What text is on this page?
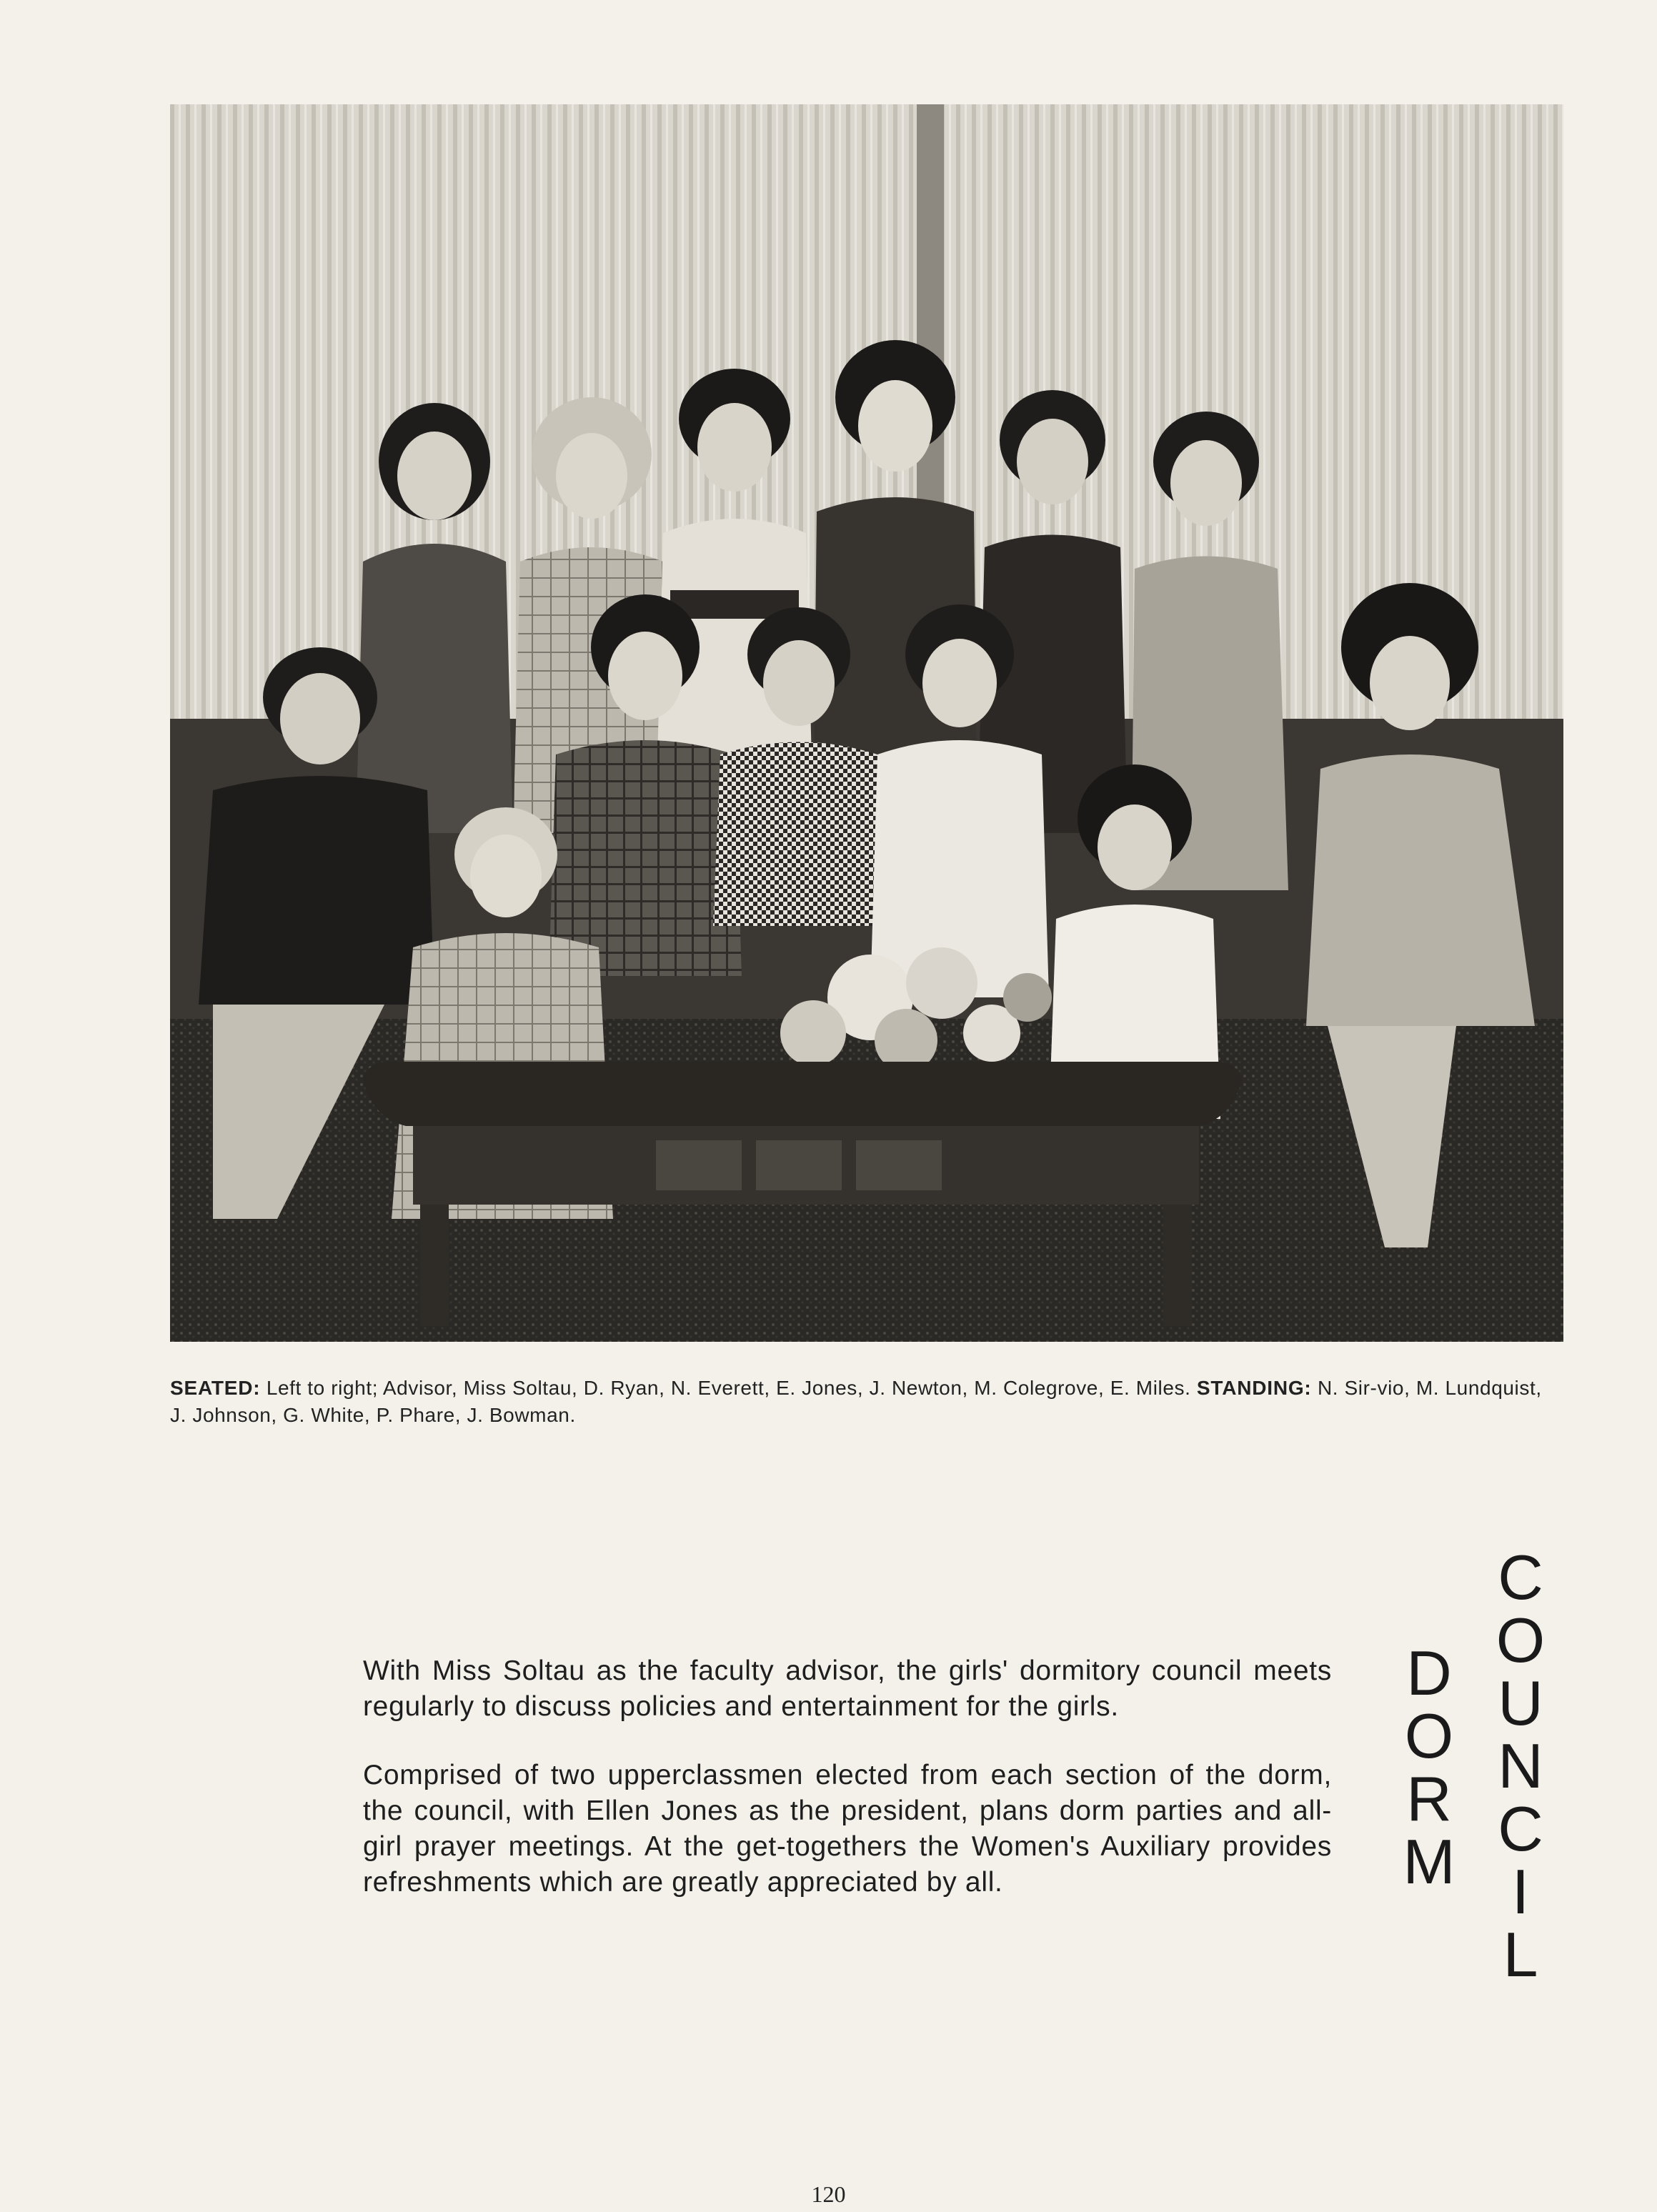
SEATED: Left to right; Advisor, Miss Soltau, D. Ryan, N. Everett, E. Jones, J. Newton, M. Colegrove, E. Miles. STANDING: N. Sir-vio, M. Lundquist, J. Johnson, G. White, P. Phare, J. Bowman.

With Miss Soltau as the faculty advisor, the girls' dormitory council meets regularly to discuss policies and entertainment for the girls.

Comprised of two upperclassmen elected from each section of the dorm, the council, with Ellen Jones as the president, plans dorm parties and all-girl prayer meetings. At the get-togethers the Women's Auxiliary provides refreshments which are greatly appreciated by all.

D
O
R
M
C
O
U
N
C
I
L
120
